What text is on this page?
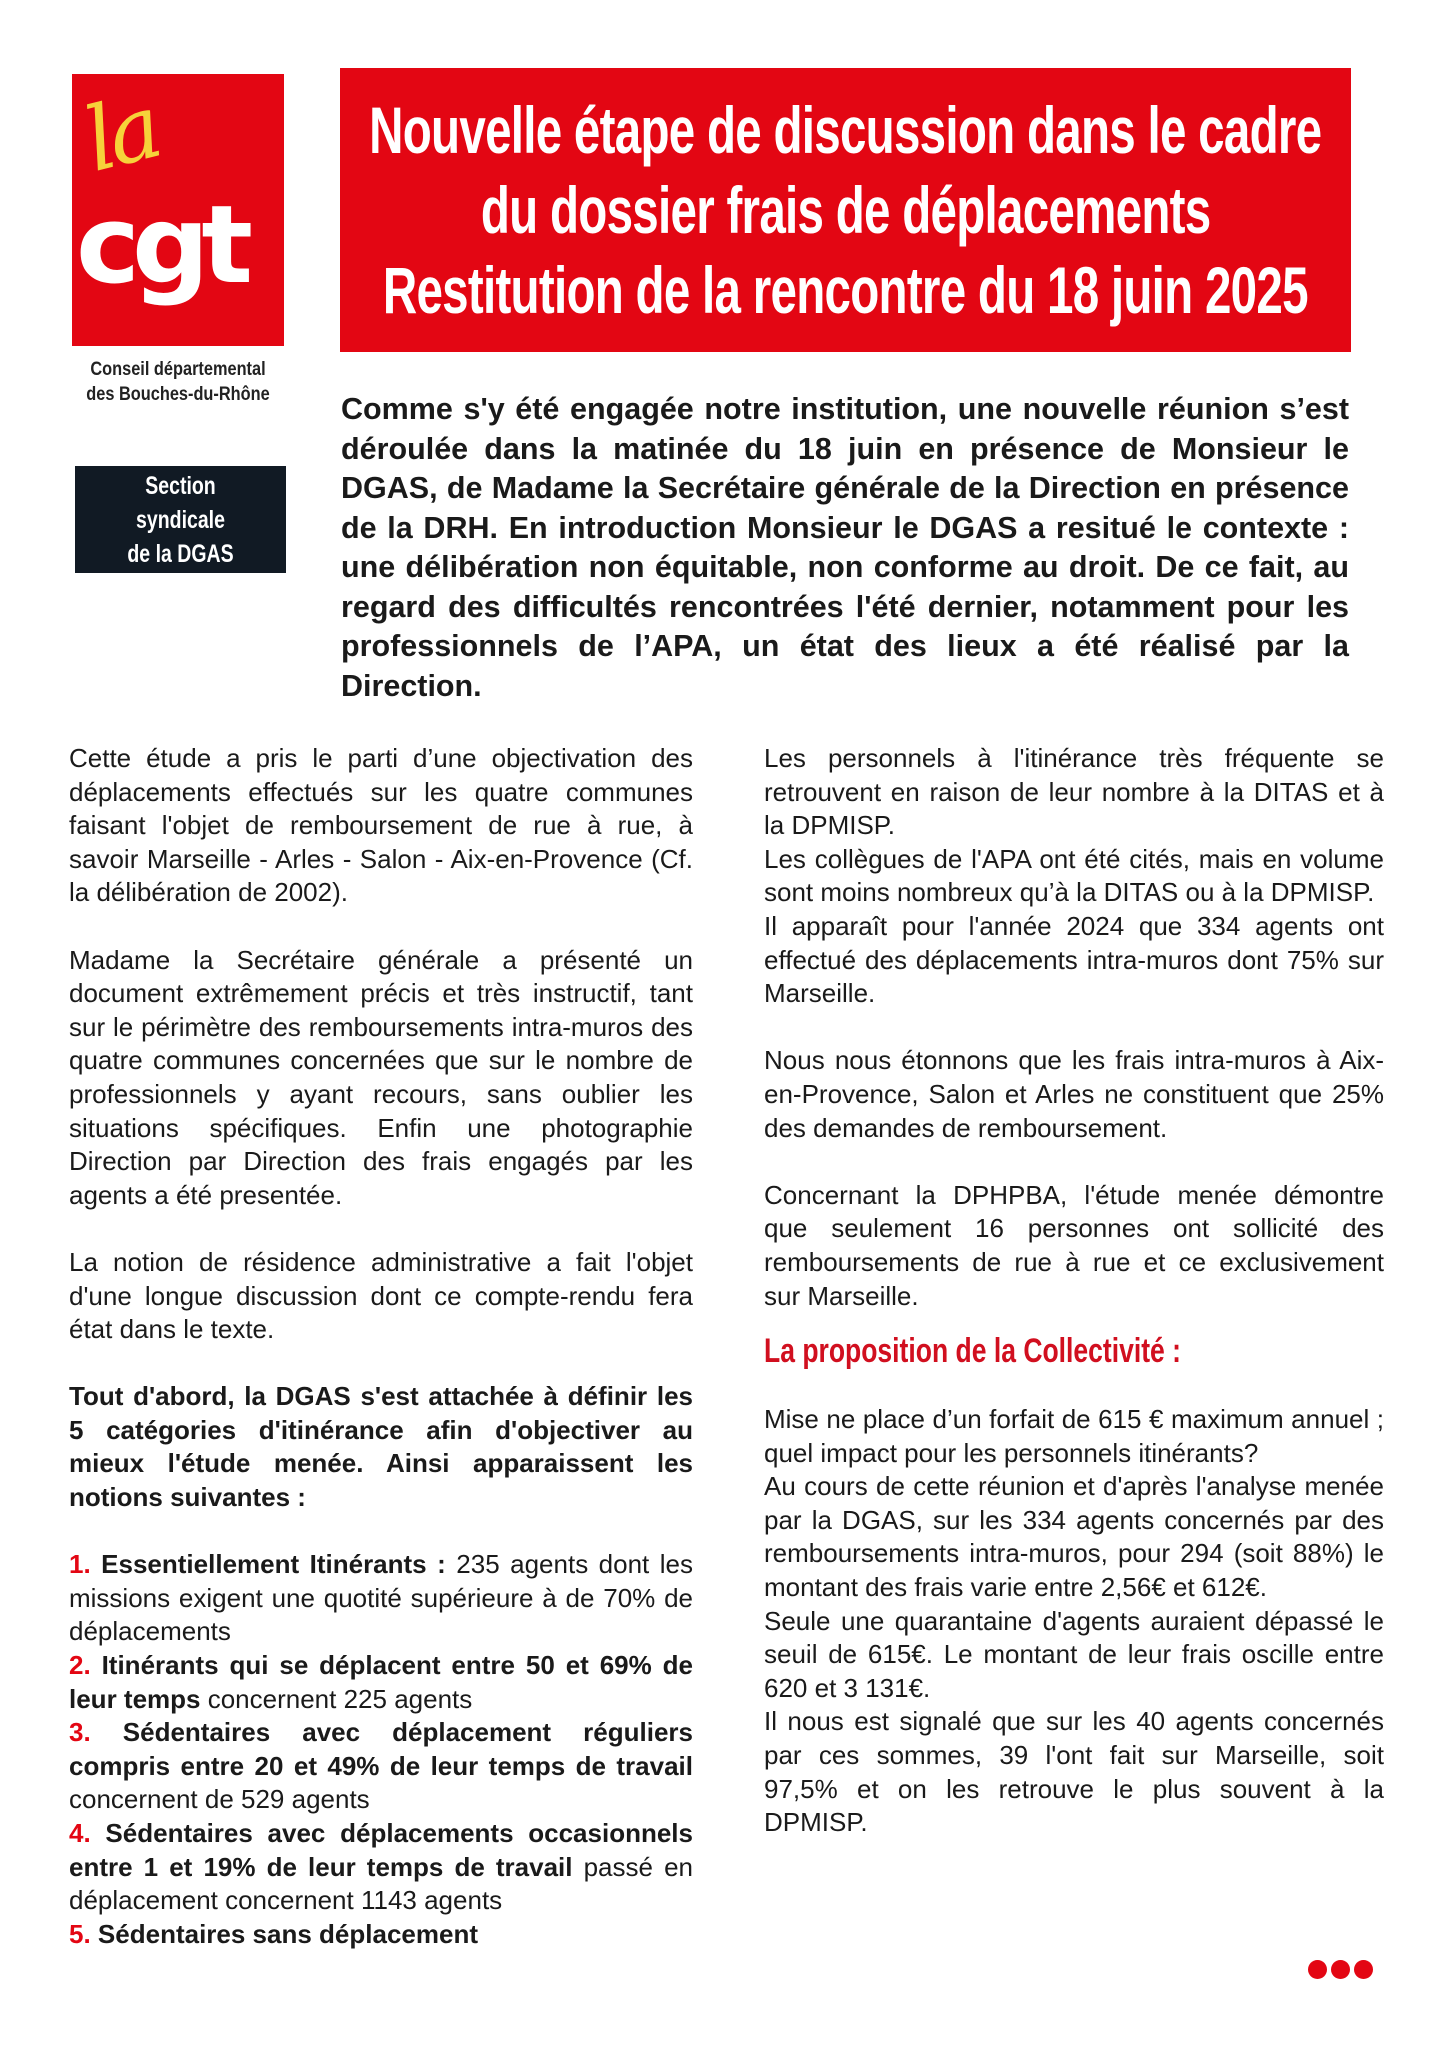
la
cgt
Conseil départemental
des Bouches-du-Rhône
Section syndicale
de la DGAS
Nouvelle étape de discussion dans le cadre
du dossier frais de déplacements
Restitution de la rencontre du 18 juin 2025

Comme s'y été engagée notre institution, une nouvelle réunion s’est déroulée dans la matinée du 18 juin en présence de Monsieur le DGAS, de Madame la Secrétaire générale de la Direction en présence de la DRH. En introduction Monsieur le DGAS a resitué le contexte : une délibération non équitable, non conforme au droit. De ce fait, au regard des difficultés rencontrées l'été dernier, notamment pour les professionnels de l’APA, un état des lieux a été réalisé par la Direction.

Cette étude a pris le parti d’une objectivation des déplacements effectués sur les quatre communes faisant l'objet de remboursement de rue à rue, à savoir Marseille - Arles - Salon - Aix-en-Provence (Cf. la délibération de 2002).

Madame la Secrétaire générale a présenté un document extrêmement précis et très instructif, tant sur le périmètre des remboursements intra-muros des quatre communes concernées que sur le nombre de professionnels y ayant recours, sans oublier les situations spécifiques. Enfin une photographie Direction par Direction des frais engagés par les agents a été presentée.

La notion de résidence administrative a fait l'objet d'une longue discussion dont ce compte-rendu fera état dans le texte.

Tout d'abord, la DGAS s'est attachée à définir les 5 catégories d'itinérance afin d'objectiver au mieux l'étude menée. Ainsi apparaissent les notions suivantes :

1. Essentiellement Itinérants : 235 agents dont les missions exigent une quotité supérieure à de 70% de déplacements
2. Itinérants qui se déplacent entre 50 et 69% de leur temps concernent 225 agents
3. Sédentaires avec déplacement réguliers compris entre 20 et 49% de leur temps de travail concernent de 529 agents
4. Sédentaires avec déplacements occasionnels entre 1 et 19% de leur temps de travail passé en déplacement concernent 1143 agents
5. Sédentaires sans déplacement

Les personnels à l'itinérance très fréquente se retrouvent en raison de leur nombre à la DITAS et à la DPMISP.

Les collègues de l'APA ont été cités, mais en volume sont moins nombreux qu’à la DITAS ou à la DPMISP.

Il apparaît pour l'année 2024 que 334 agents ont effectué des déplacements intra-muros dont 75% sur Marseille.

Nous nous étonnons que les frais intra-muros à Aix-en-Provence, Salon et Arles ne constituent que 25% des demandes de remboursement.

Concernant la DPHPBA, l'étude menée démontre que seulement 16 personnes ont sollicité des remboursements de rue à rue et ce exclusivement sur Marseille.

La proposition de la Collectivité :

Mise ne place d’un forfait de 615 € maximum annuel ; quel impact pour les personnels itinérants?

Au cours de cette réunion et d'après l'analyse menée par la DGAS, sur les 334 agents concernés par des remboursements intra-muros, pour 294 (soit 88%) le montant des frais varie entre 2,56€ et 612€.

Seule une quarantaine d'agents auraient dépassé le seuil de 615€. Le montant de leur frais oscille entre 620 et 3 131€.

Il nous est signalé que sur les 40 agents concernés par ces sommes, 39 l'ont fait sur Marseille, soit 97,5% et on les retrouve le plus souvent à la DPMISP.
